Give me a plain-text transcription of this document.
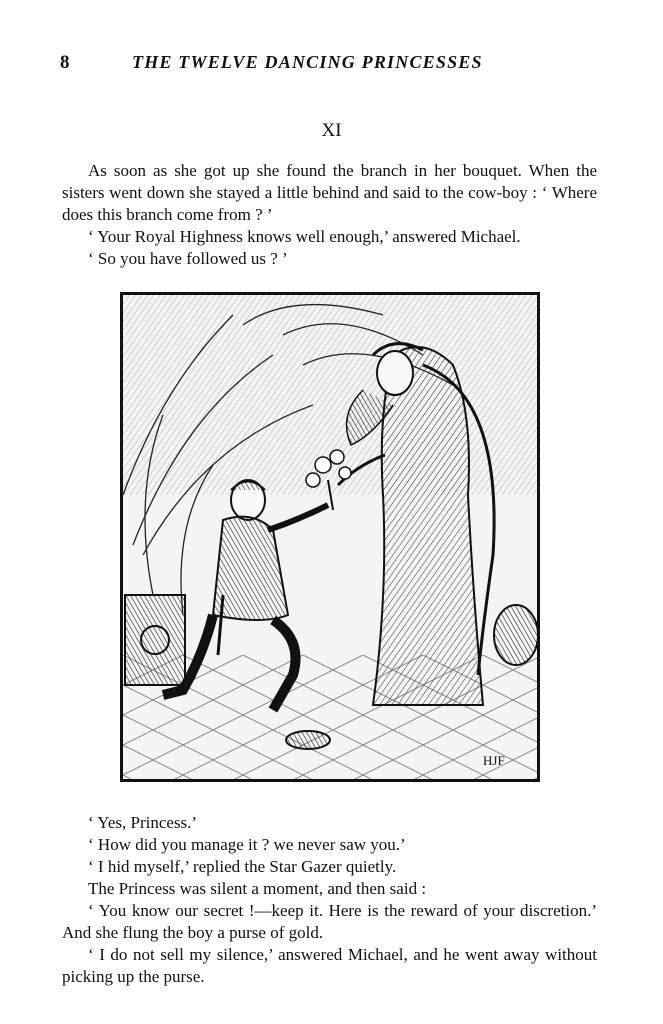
8	THE TWELVE DANCING PRINCESSES
XI

As soon as she got up she found the branch in her bouquet. When the sisters went down she stayed a little behind and said to the cow-boy : ‘ Where does this branch come from ? ’

‘ Your Royal Highness knows well enough,’ answered Michael.

‘ So you have followed us ? ’

HJF

‘ Yes, Princess.’

‘ How did you manage it ? we never saw you.’

‘ I hid myself,’ replied the Star Gazer quietly.

The Princess was silent a moment, and then said :

‘ You know our secret !—keep it. Here is the reward of your discretion.’ And she flung the boy a purse of gold.

‘ I do not sell my silence,’ answered Michael, and he went away without picking up the purse.
